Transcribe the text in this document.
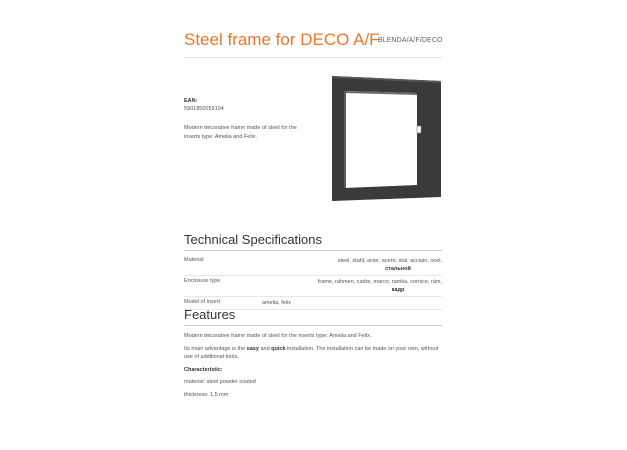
Steel frame for DECO A/F
BLENDA/A/F/DECO
EAN:
5901850059104
Modern decorative frame made of steel for the inserts type: Amelia and Felix.
Technical Specifications
Material	steel, stahl, acier, acero, stal, acciaio, ocel,
стальной
Enclosure type	frame, rahmen, cadre, marco, ramka, cornice, rám,
кадр
Model of insert	amelia, felix
Features
Modern decorative frame made of steel for the inserts type: Amelia and Felix.
Its main advantage is the easy and quick installation. The installation can be made on your own, without use of additional tools.
Characteristic:
material: steel powder coated
thickness: 1,5 mm
